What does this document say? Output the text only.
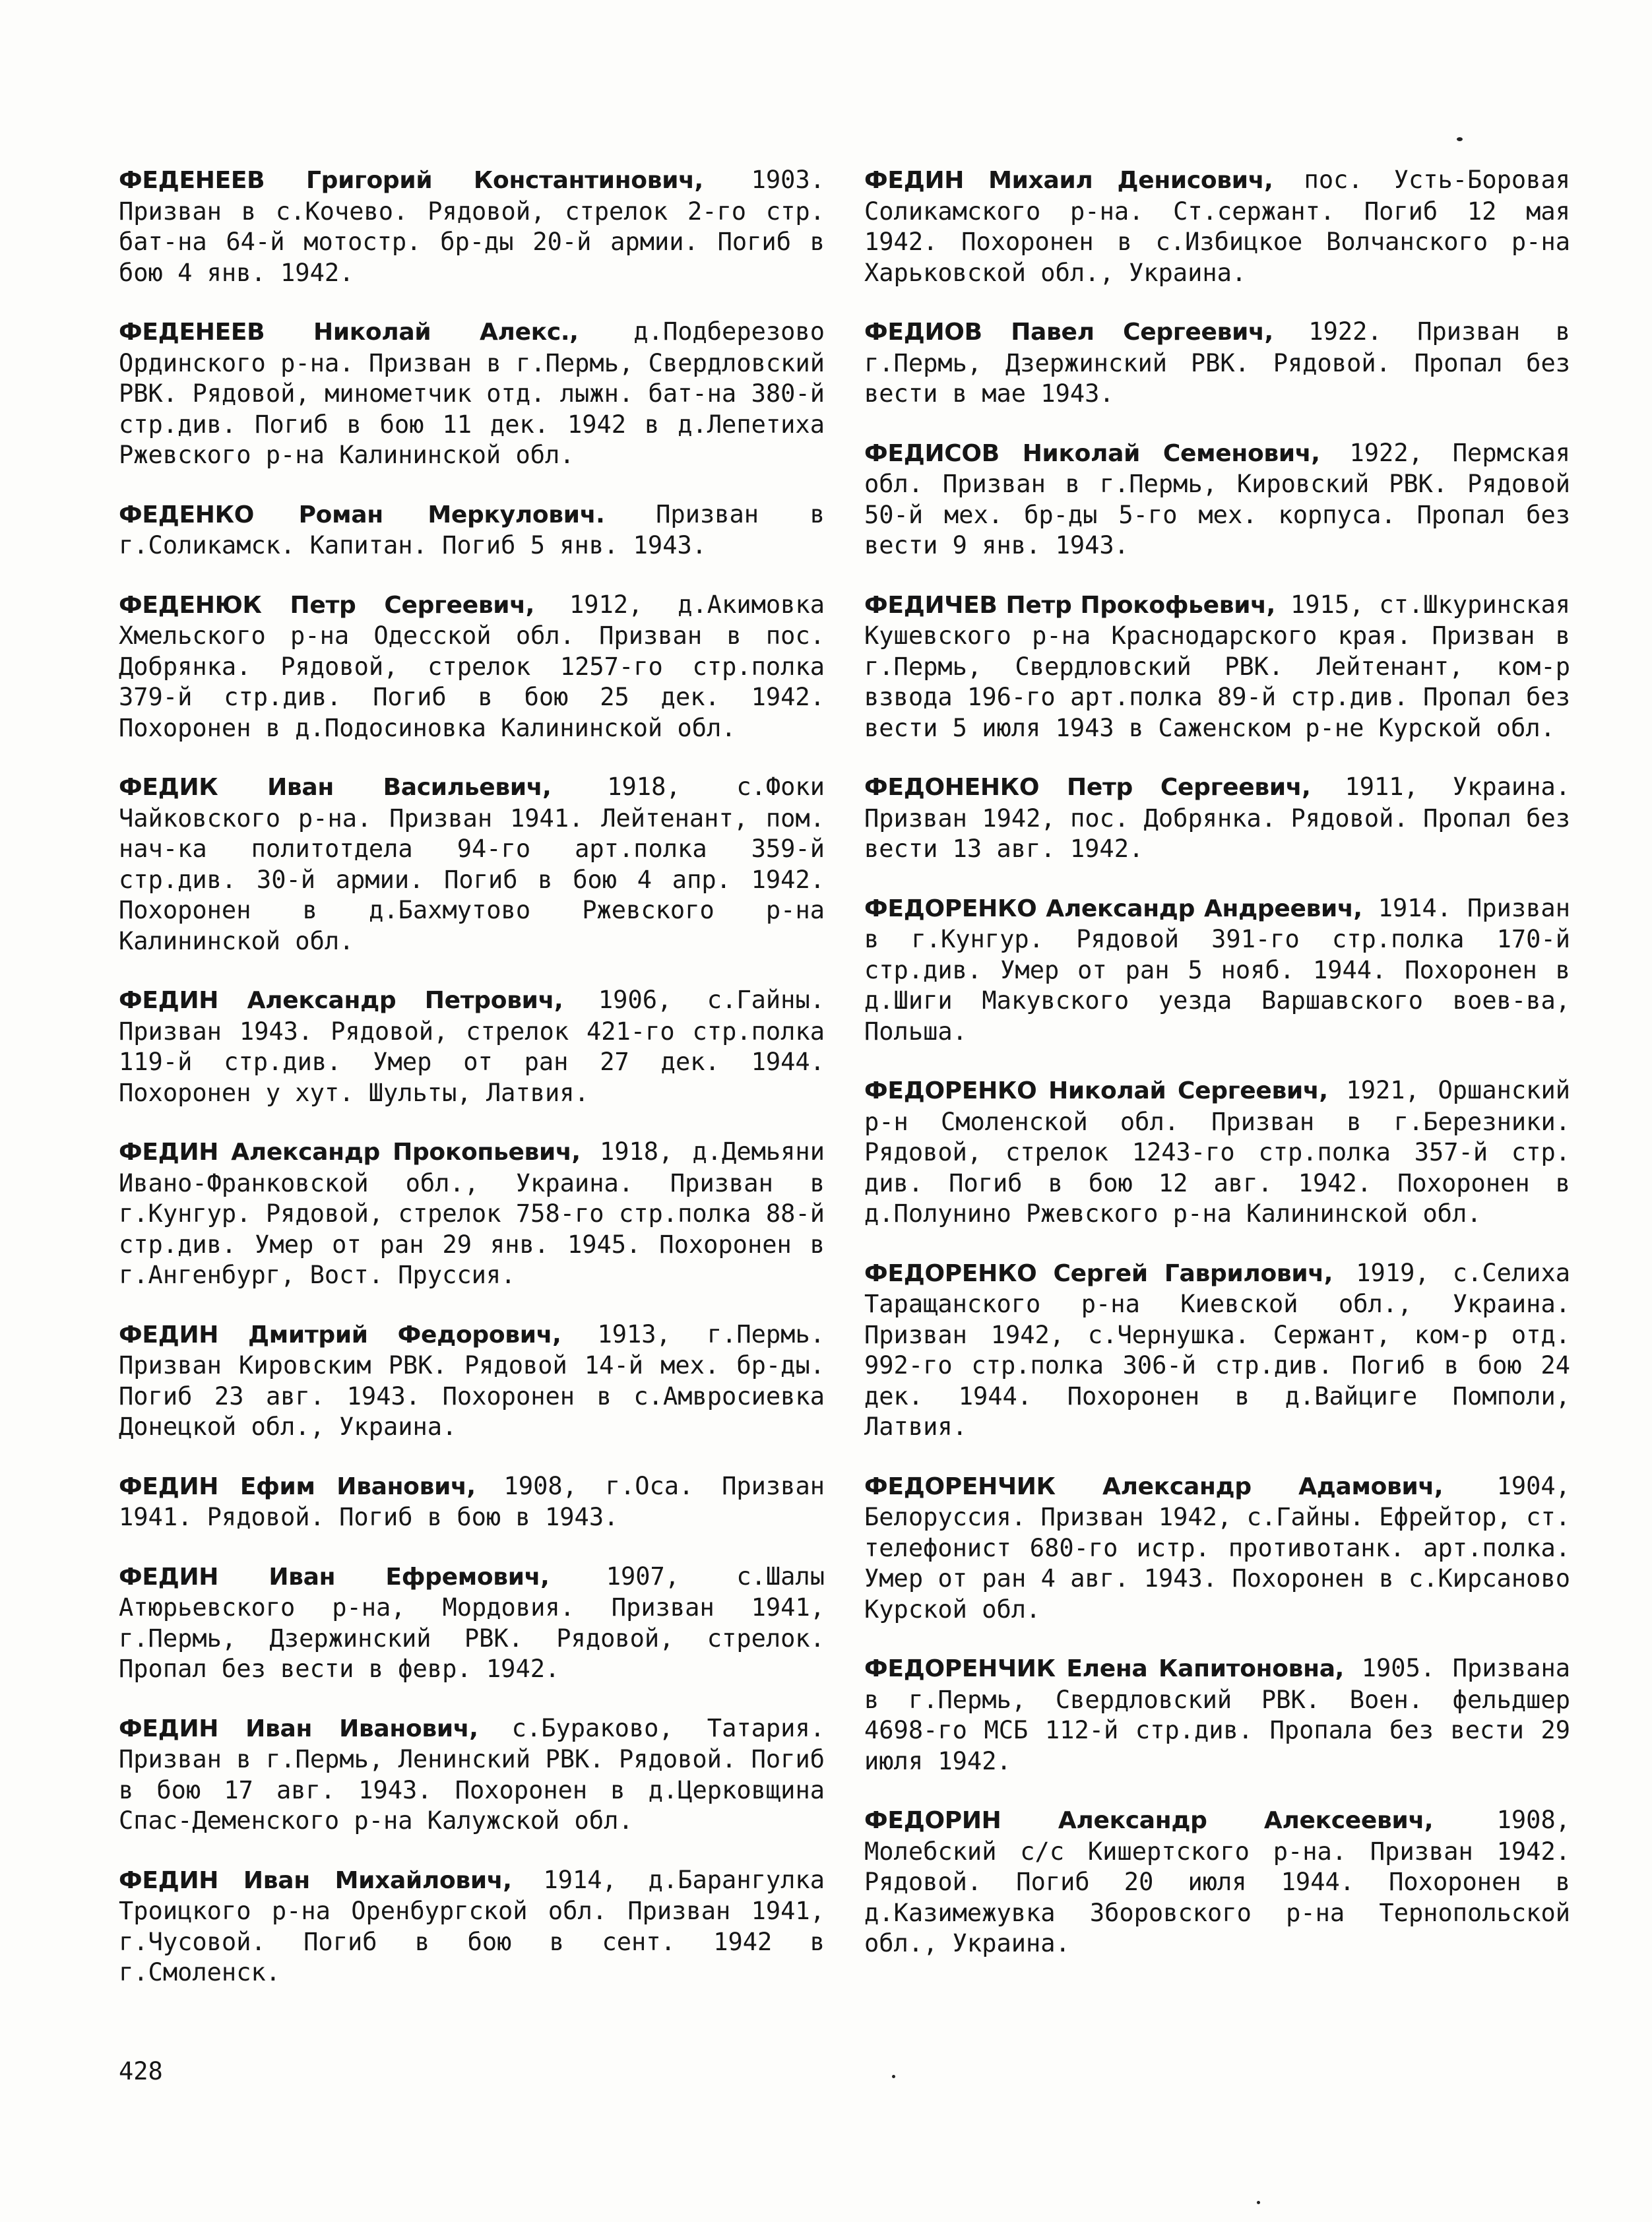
ФЕДЕНЕЕВ Григорий Константинович, 1903. Призван в с.Кочево. Рядовой, стрелок 2-го стр. бат-на 64-й мотостр. бр-ды 20-й армии. Погиб в бою 4 янв. 1942.

ФЕДЕНЕЕВ Николай Алекс., д.Подберезово Ординского р-на. Призван в г.Пермь, Свердловский РВК. Рядовой, минометчик отд. лыжн. бат-на 380-й стр.див. Погиб в бою 11 дек. 1942 в д.Лепетиха Ржевского р-на Калининской обл.

ФЕДЕНКО Роман Меркулович. Призван в г.Соликамск. Капитан. Погиб 5 янв. 1943.

ФЕДЕНЮК Петр Сергеевич, 1912, д.Акимовка Хмельского р-на Одесской обл. Призван в пос. Добрянка. Рядовой, стрелок 1257-го стр.полка 379-й стр.див. Погиб в бою 25 дек. 1942. Похоронен в д.Подосиновка Калининской обл.

ФЕДИК Иван Васильевич, 1918, с.Фоки Чайковского р-на. Призван 1941. Лейтенант, пом. нач-ка политотдела 94-го арт.полка 359-й стр.див. 30-й армии. Погиб в бою 4 апр. 1942. Похоронен в д.Бахмутово Ржевского р-на Калининской обл.

ФЕДИН Александр Петрович, 1906, с.Гайны. Призван 1943. Рядовой, стрелок 421-го стр.полка 119-й стр.див. Умер от ран 27 дек. 1944. Похоронен у хут. Шульты, Латвия.

ФЕДИН Александр Прокопьевич, 1918, д.Демьяни Ивано-Франковской обл., Украина. Призван в г.Кунгур. Рядовой, стрелок 758-го стр.полка 88-й стр.див. Умер от ран 29 янв. 1945. Похоронен в г.Ангенбург, Вост. Пруссия.

ФЕДИН Дмитрий Федорович, 1913, г.Пермь. Призван Кировским РВК. Рядовой 14-й мех. бр-ды. Погиб 23 авг. 1943. Похоронен в с.Амвросиевка Донецкой обл., Украина.

ФЕДИН Ефим Иванович, 1908, г.Оса. Призван 1941. Рядовой. Погиб в бою в 1943.

ФЕДИН Иван Ефремович, 1907, с.Шалы Атюрьевского р-на, Мордовия. Призван 1941, г.Пермь, Дзержинский РВК. Рядовой, стрелок. Пропал без вести в февр. 1942.

ФЕДИН Иван Иванович, с.Бураково, Татария. Призван в г.Пермь, Ленинский РВК. Рядовой. Погиб в бою 17 авг. 1943. Похоронен в д.Церковщина Спас-Деменского р-на Калужской обл.

ФЕДИН Иван Михайлович, 1914, д.Барангулка Троицкого р-на Оренбургской обл. Призван 1941, г.Чусовой. Погиб в бою в сент. 1942 в г.Смоленск.

ФЕДИН Михаил Денисович, пос. Усть-Боровая Соликамского р-на. Ст.сержант. Погиб 12 мая 1942. Похоронен в с.Избицкое Волчанского р-на Харьковской обл., Украина.

ФЕДИОВ Павел Сергеевич, 1922. Призван в г.Пермь, Дзержинский РВК. Рядовой. Пропал без вести в мае 1943.

ФЕДИСОВ Николай Семенович, 1922, Пермская обл. Призван в г.Пермь, Кировский РВК. Рядовой 50-й мех. бр-ды 5-го мех. корпуса. Пропал без вести 9 янв. 1943.

ФЕДИЧЕВ Петр Прокофьевич, 1915, ст.Шкуринская Кушевского р-на Краснодарского края. Призван в г.Пермь, Свердловский РВК. Лейтенант, ком-р взвода 196-го арт.полка 89-й стр.див. Пропал без вести 5 июля 1943 в Саженском р-не Курской обл.

ФЕДОНЕНКО Петр Сергеевич, 1911, Украина. Призван 1942, пос. Добрянка. Рядовой. Пропал без вести 13 авг. 1942.

ФЕДОРЕНКО Александр Андреевич, 1914. Призван в г.Кунгур. Рядовой 391-го стр.полка 170-й стр.див. Умер от ран 5 нояб. 1944. Похоронен в д.Шиги Макувского уезда Варшавского воев-ва, Польша.

ФЕДОРЕНКО Николай Сергеевич, 1921, Оршанский р-н Смоленской обл. Призван в г.Березники. Рядовой, стрелок 1243-го стр.полка 357-й стр. див. Погиб в бою 12 авг. 1942. Похоронен в д.Полунино Ржевского р-на Калининской обл.

ФЕДОРЕНКО Сергей Гаврилович, 1919, с.Селиха Таращанского р-на Киевской обл., Украина. Призван 1942, с.Чернушка. Сержант, ком-р отд. 992-го стр.полка 306-й стр.див. Погиб в бою 24 дек. 1944. Похоронен в д.Вайциге Помполи, Латвия.

ФЕДОРЕНЧИК Александр Адамович, 1904, Белоруссия. Призван 1942, с.Гайны. Ефрейтор, ст. телефонист 680-го истр. противотанк. арт.полка. Умер от ран 4 авг. 1943. Похоронен в с.Кирсаново Курской обл.

ФЕДОРЕНЧИК Елена Капитоновна, 1905. Призвана в г.Пермь, Свердловский РВК. Воен. фельдшер 4698-го МСБ 112-й стр.див. Пропала без вести 29 июля 1942.

ФЕДОРИН Александр Алексеевич, 1908, Молебский с/с Кишертского р-на. Призван 1942. Рядовой. Погиб 20 июля 1944. Похоронен в д.Казимежувка Зборовского р-на Тернопольской обл., Украина.

428
